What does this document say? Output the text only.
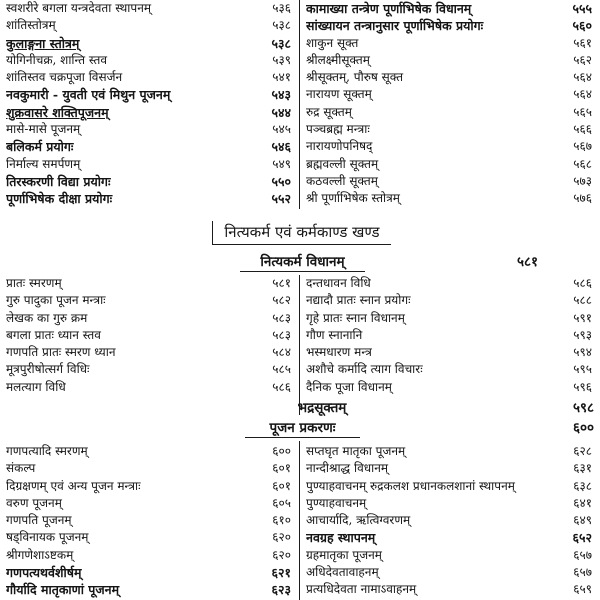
स्वशरीरे बगला यन्त्रदेवता स्थापनम्	५३६
शांतिस्तोत्रम्	५३८
कुलाङ्गना स्तोत्रम्	५३८
योगिनीचक्र, शान्ति स्तव	५३९
शांतिस्तव चक्रपूजा विसर्जन	५४१
नवकुमारी - युवती एवं मिथुन पूजनम्	५४३
शुक्रवासरे शक्तिपूजनम्	५४४
मासे-मासे पूजनम्	५४५
बलिकर्म प्रयोगः	५४६
निर्माल्य समर्पणम्	५४९
तिरस्करणी विद्या प्रयोगः	५५०
पूर्णाभिषेक दीक्षा प्रयोगः	५५२
कामाख्या तन्त्रेण पूर्णाभिषेक विधानम्	५५५
सांख्यायन तन्त्रानुसार पूर्णाभिषेक प्रयोगः	५६०
शाकुन सूक्त	५६१
श्रीलक्ष्मीसूक्तम्	५६२
श्रीसूक्तम्, पौरुष सूक्त	५६४
नारायण सूक्तम्	५६४
रुद्र सूक्तम्	५६५
पञ्चब्रह्म मन्त्राः	५६६
नारायणोपनिषद्	५६७
ब्रह्मवल्ली सूक्तम्	५६८
कठवल्ली सूक्तम्	५७३
श्री पूर्णाभिषेक स्तोत्रम्	५७६
नित्यकर्म एवं कर्मकाण्ड खण्ड
नित्यकर्म विधानम्	५८१
प्रातः स्मरणम्	५८१
गुरु पादुका पूजन मन्त्राः	५८२
लेखक का गुरु क्रम	५८३
बगला प्रातः ध्यान स्तव	५८३
गणपति प्रातः स्मरण ध्यान	५८४
मूत्रपुरीषोत्सर्ग विधिः	५८५
मलत्याग विधि	५८६
दन्तधावन विधि	५८६
नद्यादौ प्रातः स्नान प्रयोगः	५८८
गृहे प्रातः स्नान विधानम्	५९१
गौण स्नानानि	५९३
भस्मधारण मन्त्र	५९४
अशौचे कर्मादि त्याग विचारः	५९५
दैनिक पूजा विधानम्	५९६
भद्रसूक्तम्	५९८
पूजन प्रकरणः	६००
गणपत्यादि स्मरणम्	६००
संकल्प	६०१
दिग्रक्षणम् एवं अन्य पूजन मन्त्राः	६०१
वरुण पूजनम्	६०५
गणपति पूजनम्	६१०
षड्विनायक पूजनम्	६२०
श्रीगणेशाऽष्टकम्	६२०
गणपत्यथर्वशीर्षम्	६२१
गौर्यादि मातृकाणां पूजनम्	६२३
सप्तघृत मातृका पूजनम्	६२८
नान्दीश्राद्ध विधानम्	६३१
पुण्याहवाचनम् रुद्रकलश प्रधानकलशानां स्थापनम्	६३८
पुण्याहवाचनम्	६४१
आचार्यादि, ऋत्विग्वरणम्	६४९
नवग्रह स्थापनम्	६५२
ग्रहमातृका पूजनम्	६५७
अधिदेवतावाहनम्	६५७
प्रत्यधिदेवता नामाऽवाहनम्	६५९
